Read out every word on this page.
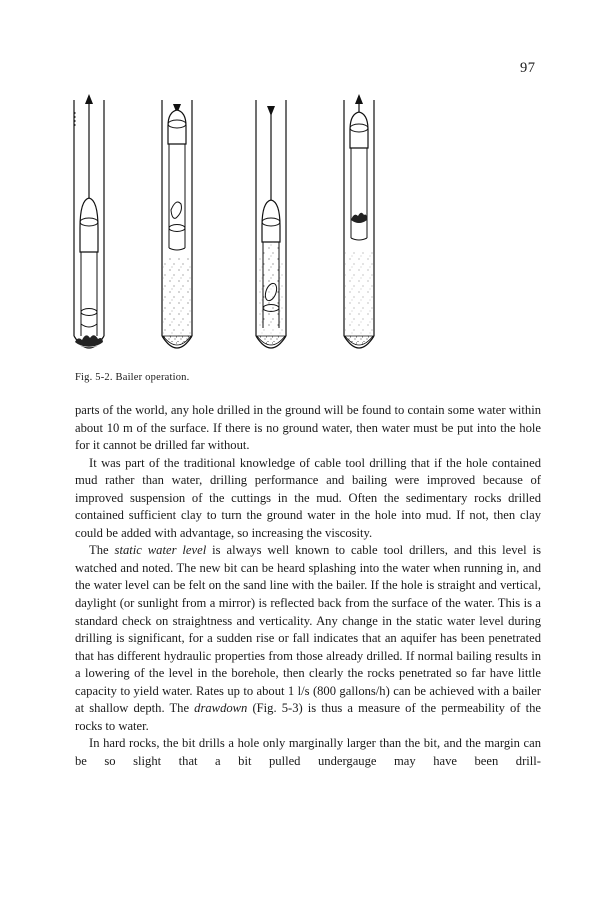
97
Fig. 5-2. Bailer operation.

parts of the world, any hole drilled in the ground will be found to contain some water within about 10 m of the surface. If there is no ground water, then water must be put into the hole for it cannot be drilled far without.

It was part of the traditional knowledge of cable tool drilling that if the hole contained mud rather than water, drilling performance and bailing were improved because of improved suspension of the cuttings in the mud. Often the sedimentary rocks drilled contained sufficient clay to turn the ground water in the hole into mud. If not, then clay could be added with advantage, so increasing the viscosity.

The static water level is always well known to cable tool drillers, and this level is watched and noted. The new bit can be heard splashing into the water when running in, and the water level can be felt on the sand line with the bailer. If the hole is straight and vertical, daylight (or sunlight from a mirror) is reflected back from the surface of the water. This is a standard check on straightness and verticality. Any change in the static water level during drilling is significant, for a sudden rise or fall indicates that an aquifer has been penetrated that has different hydraulic properties from those already drilled. If normal bailing results in a lowering of the level in the borehole, then clearly the rocks penetrated so far have little capacity to yield water. Rates up to about 1 l/s (800 gallons/h) can be achieved with a bailer at shallow depth. The drawdown (Fig. 5-3) is thus a measure of the permeability of the rocks to water.

In hard rocks, the bit drills a hole only marginally larger than the bit, and the margin can be so slight that a bit pulled undergauge may have been drill-
